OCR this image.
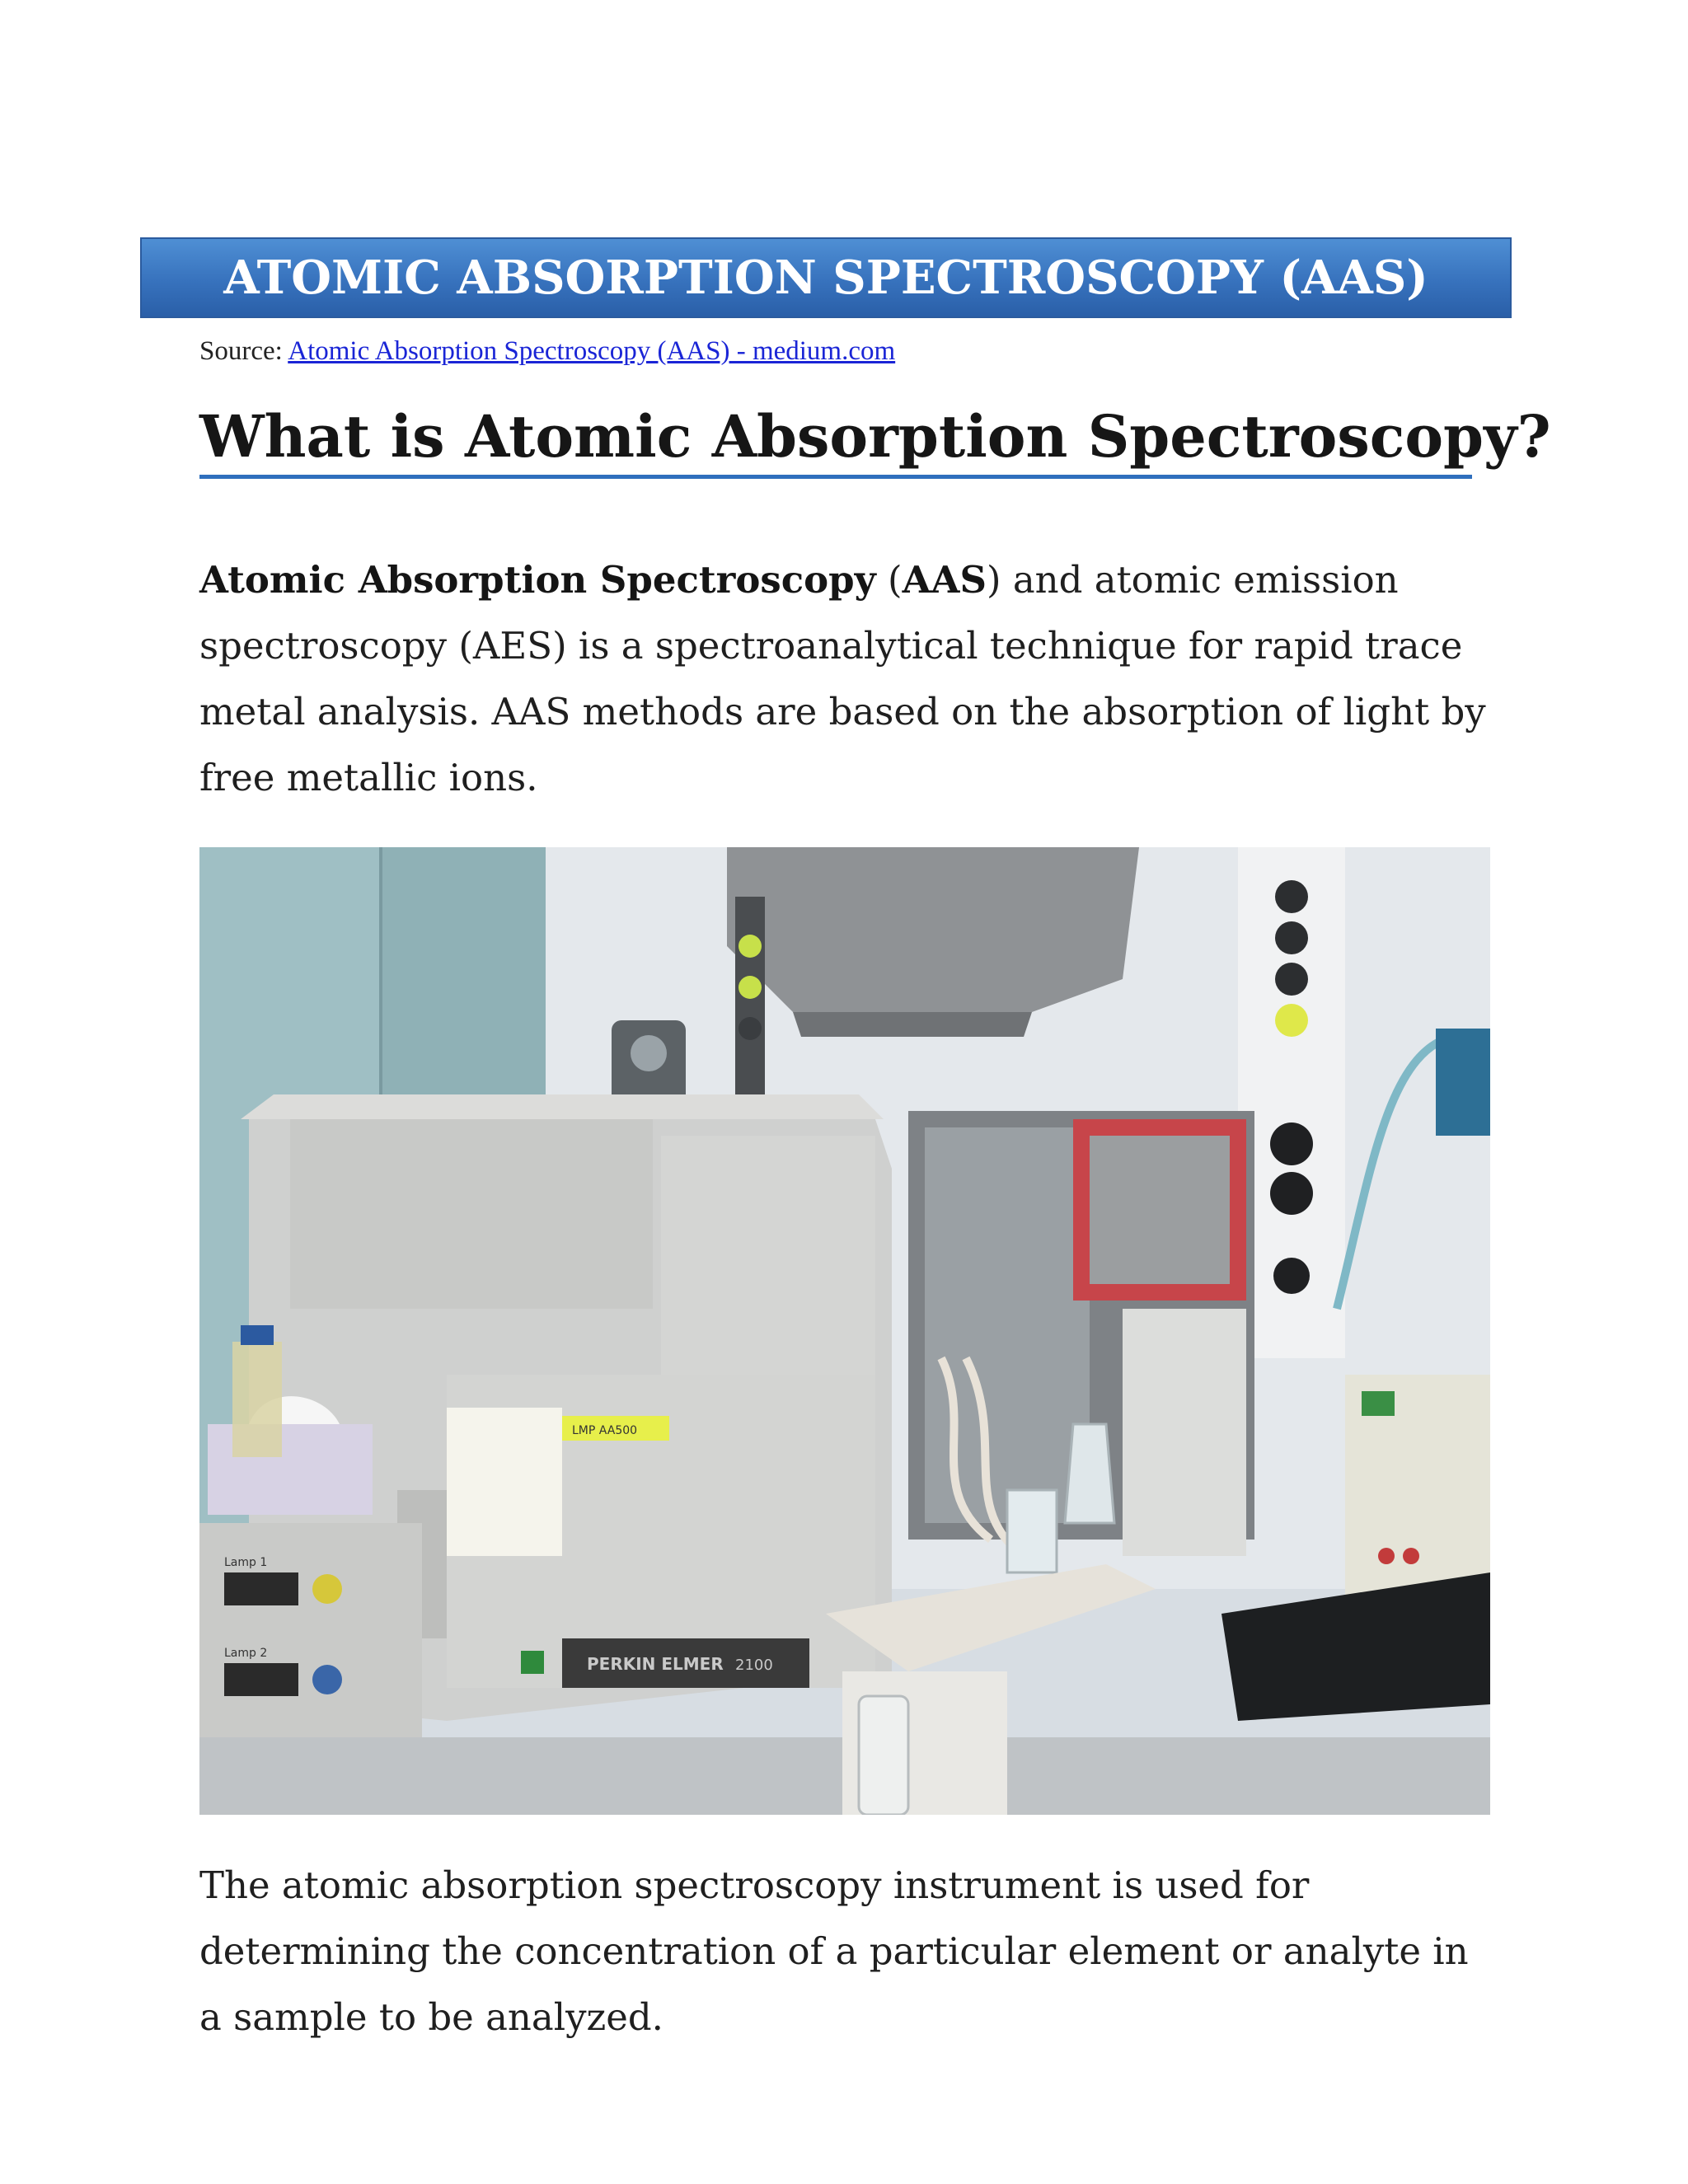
ATOMIC ABSORPTION SPECTROSCOPY (AAS)
Source: Atomic Absorption Spectroscopy (AAS) - medium.com
What is Atomic Absorption Spectroscopy?
Atomic Absorption Spectroscopy (AAS) and atomic emission spectroscopy (AES) is a spectroanalytical technique for rapid trace metal analysis. AAS methods are based on the absorption of light by free metallic ions.
LMP AA500
PERKIN ELMER 2100
Lamp 1
Lamp 2
The atomic absorption spectroscopy instrument is used for determining the concentration of a particular element or analyte in a sample to be analyzed.
